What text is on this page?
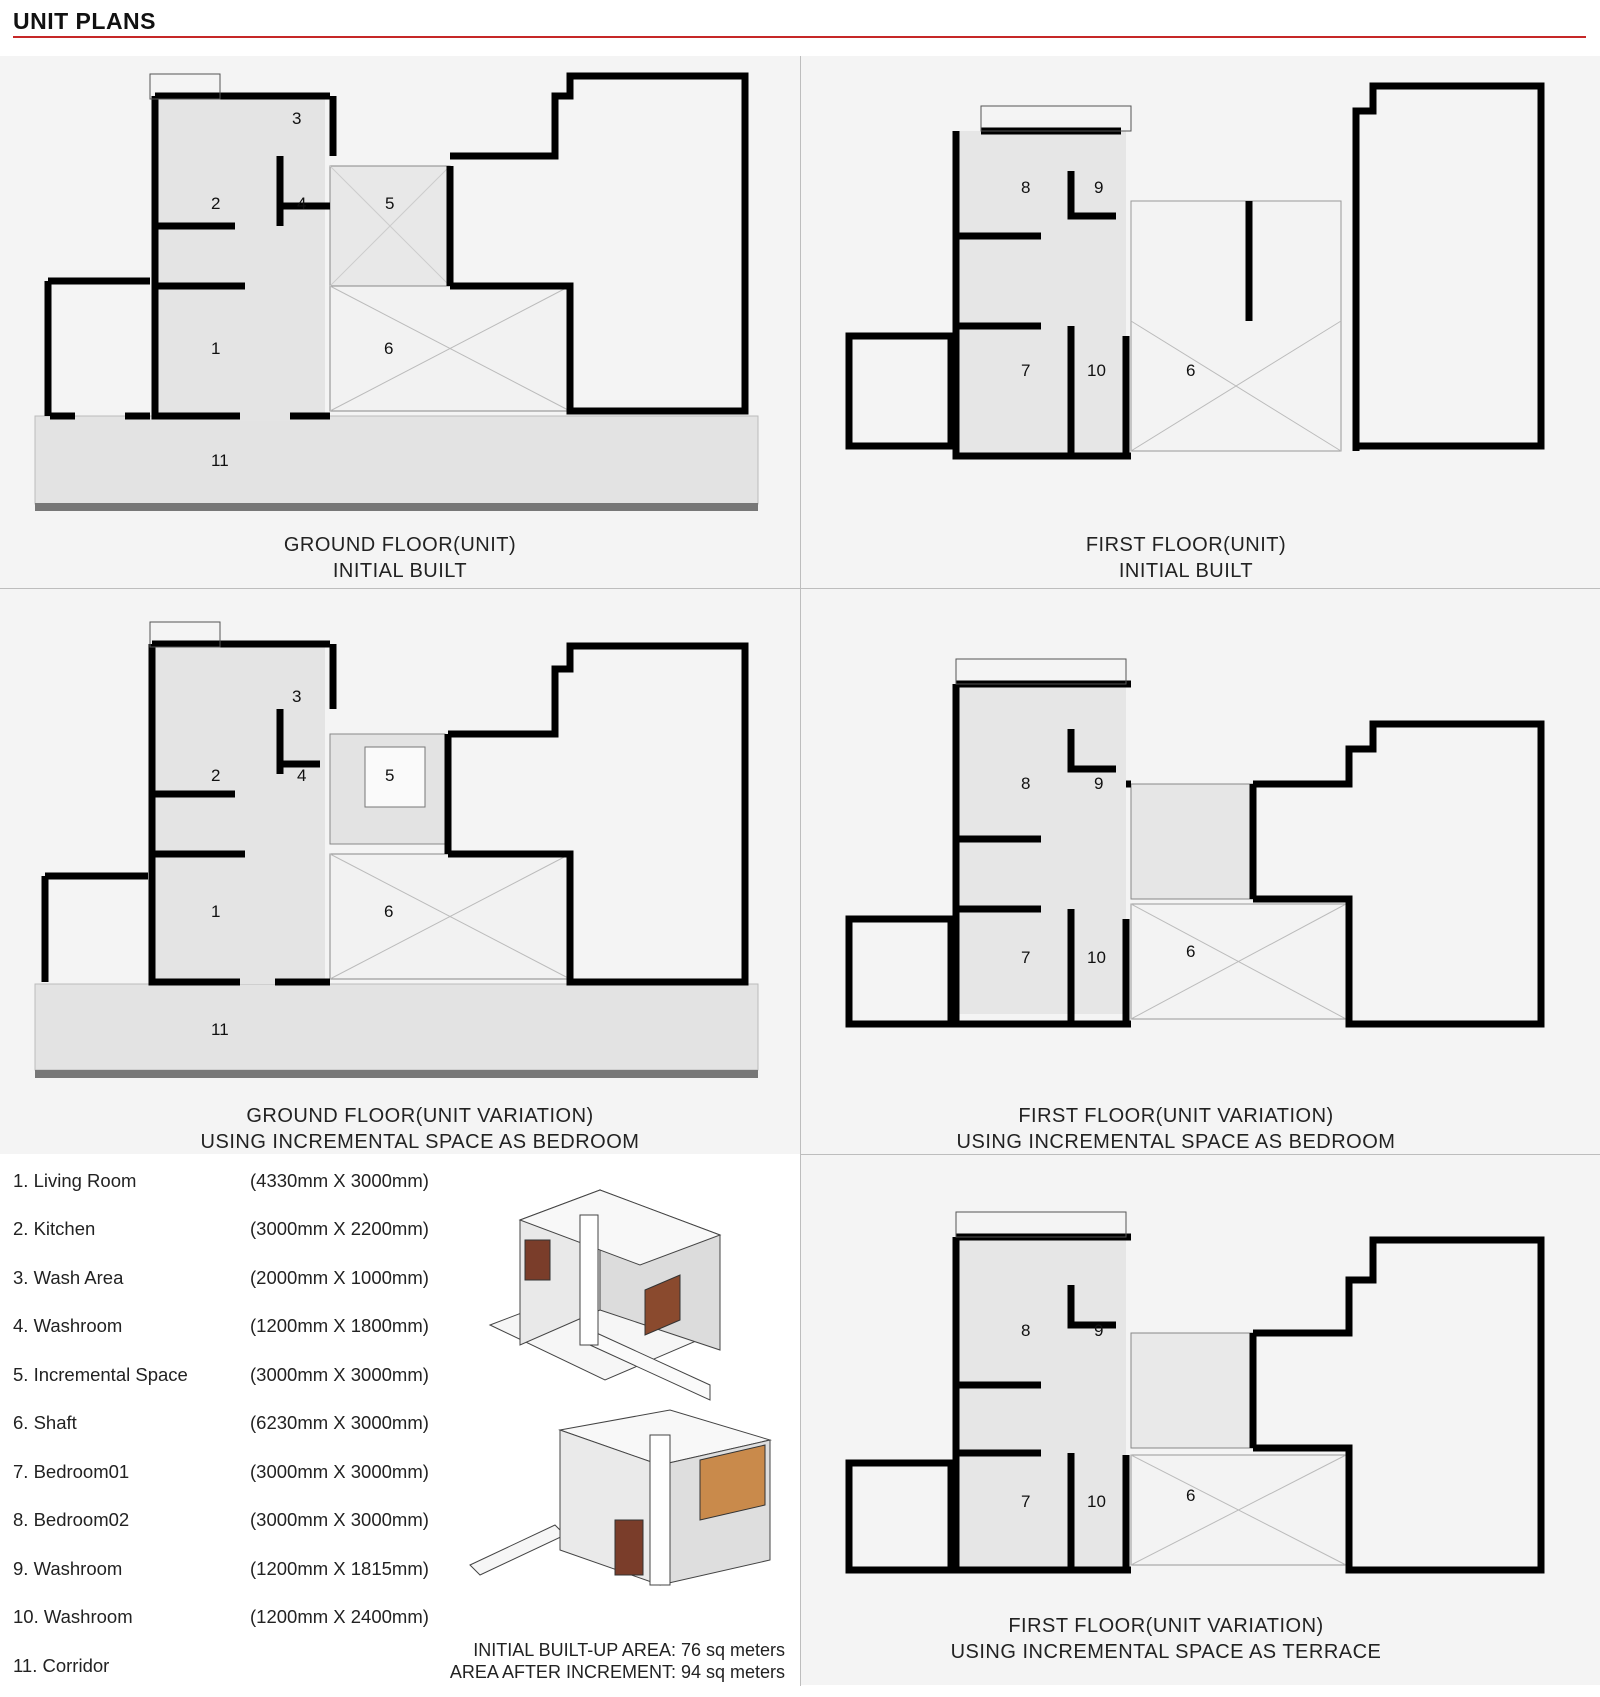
UNIT PLANS
3
2	4	5
1	6
11
GROUND FLOOR(UNIT)
INITIAL BUILT
8	9
7	10	6
FIRST FLOOR(UNIT)
INITIAL BUILT
3
2	4	5
1	6
11
GROUND FLOOR(UNIT VARIATION)
USING INCREMENTAL SPACE AS BEDROOM
8	9
7	10	6
FIRST FLOOR(UNIT VARIATION)
USING INCREMENTAL SPACE AS BEDROOM
1. Living Room	(4330mm X 3000mm)
2. Kitchen	(3000mm X 2200mm)
3. Wash Area	(2000mm X 1000mm)
4. Washroom	(1200mm X 1800mm)
5. Incremental Space	(3000mm X 3000mm)
6. Shaft	(6230mm X 3000mm)
7. Bedroom01	(3000mm X 3000mm)
8. Bedroom02	(3000mm X 3000mm)
9. Washroom	(1200mm X 1815mm)
10. Washroom	(1200mm X 2400mm)
11. Corridor
INITIAL BUILT-UP AREA: 76 sq meters
AREA AFTER INCREMENT: 94 sq meters
8	9
7	10	6
FIRST FLOOR(UNIT VARIATION)
USING INCREMENTAL SPACE AS TERRACE
